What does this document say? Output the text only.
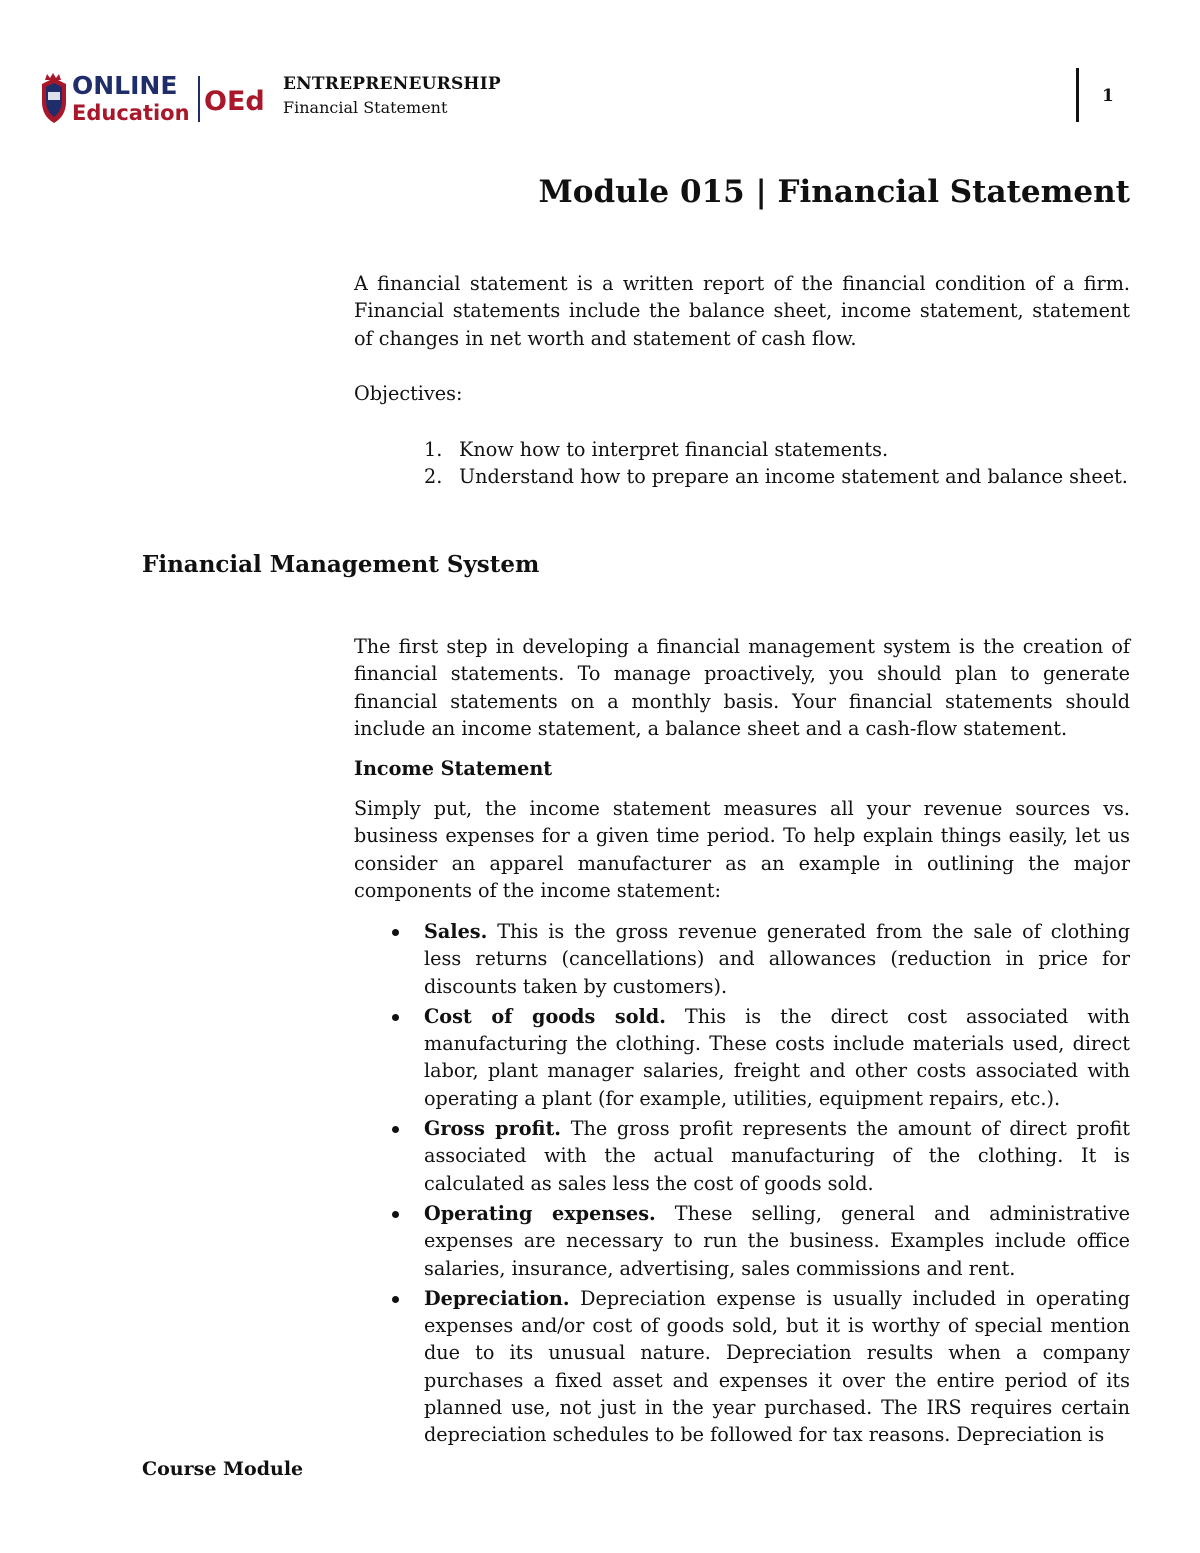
ONLINE
Education OEd
ENTREPRENEURSHIP
Financial Statement
1
Module 015 | Financial Statement

A financial statement is a written report of the financial condition of a firm. Financial statements include the balance sheet, income statement, statement of changes in net worth and statement of cash flow.

Objectives:

1. Know how to interpret financial statements.
2. Understand how to prepare an income statement and balance sheet.
Financial Management System

The first step in developing a financial management system is the creation of financial statements. To manage proactively, you should plan to generate financial statements on a monthly basis. Your financial statements should include an income statement, a balance sheet and a cash-flow statement.

Income Statement

Simply put, the income statement measures all your revenue sources vs. business expenses for a given time period. To help explain things easily, let us consider an apparel manufacturer as an example in outlining the major components of the income statement:

Sales. This is the gross revenue generated from the sale of clothing less returns (cancellations) and allowances (reduction in price for discounts taken by customers).
Cost of goods sold. This is the direct cost associated with manufacturing the clothing. These costs include materials used, direct labor, plant manager salaries, freight and other costs associated with operating a plant (for example, utilities, equipment repairs, etc.).
Gross profit. The gross profit represents the amount of direct profit associated with the actual manufacturing of the clothing. It is calculated as sales less the cost of goods sold.
Operating expenses. These selling, general and administrative expenses are necessary to run the business. Examples include office salaries, insurance, advertising, sales commissions and rent.
Depreciation. Depreciation expense is usually included in operating expenses and/or cost of goods sold, but it is worthy of special mention due to its unusual nature. Depreciation results when a company purchases a fixed asset and expenses it over the entire period of its planned use, not just in the year purchased. The IRS requires certain depreciation schedules to be followed for tax reasons. Depreciation is
Course Module
